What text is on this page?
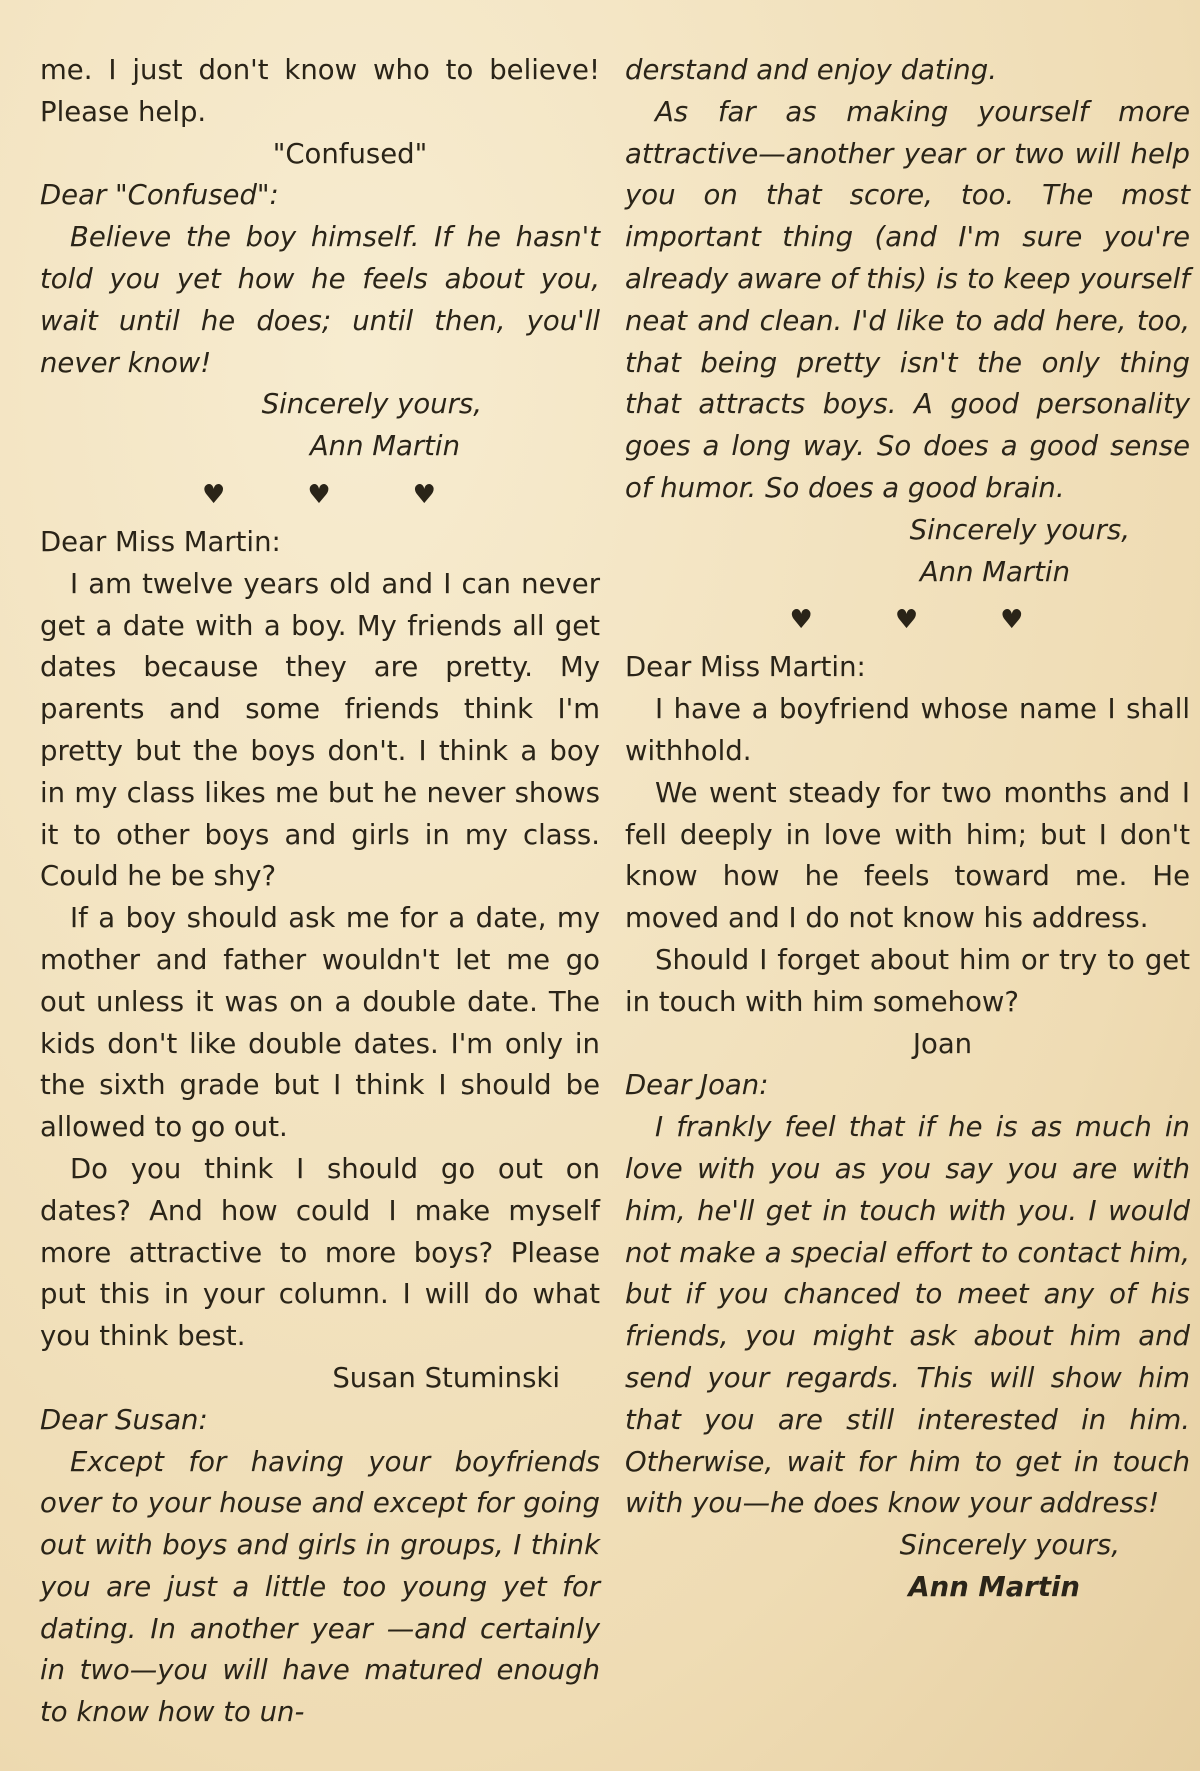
me. I just don't know who to believe! Please help.

"Confused"

Dear "Confused":

Believe the boy himself. If he hasn't told you yet how he feels about you, wait until he does; until then, you'll never know!

Sincerely yours,

Ann Martin

♥♥♥

Dear Miss Martin:

I am twelve years old and I can never get a date with a boy. My friends all get dates because they are pretty. My parents and some friends think I'm pretty but the boys don't. I think a boy in my class likes me but he never shows it to other boys and girls in my class. Could he be shy?

If a boy should ask me for a date, my mother and father wouldn't let me go out unless it was on a double date. The kids don't like double dates. I'm only in the sixth grade but I think I should be allowed to go out.

Do you think I should go out on dates? And how could I make myself more attractive to more boys? Please put this in your column. I will do what you think best.

Susan Stuminski

Dear Susan:

Except for having your boyfriends over to your house and except for going out with boys and girls in groups, I think you are just a little too young yet for dating. In another year —and certainly in two—you will have matured enough to know how to un-

derstand and enjoy dating.

As far as making yourself more attractive—another year or two will help you on that score, too. The most important thing (and I'm sure you're already aware of this) is to keep yourself neat and clean. I'd like to add here, too, that being pretty isn't the only thing that attracts boys. A good personality goes a long way. So does a good sense of humor. So does a good brain.

Sincerely yours,

Ann Martin

♥♥♥

Dear Miss Martin:

I have a boyfriend whose name I shall withhold.

We went steady for two months and I fell deeply in love with him; but I don't know how he feels toward me. He moved and I do not know his address.

Should I forget about him or try to get in touch with him somehow?

Joan

Dear Joan:

I frankly feel that if he is as much in love with you as you say you are with him, he'll get in touch with you. I would not make a special effort to contact him, but if you chanced to meet any of his friends, you might ask about him and send your regards. This will show him that you are still interested in him. Otherwise, wait for him to get in touch with you—he does know your address!

Sincerely yours,

Ann Martin
